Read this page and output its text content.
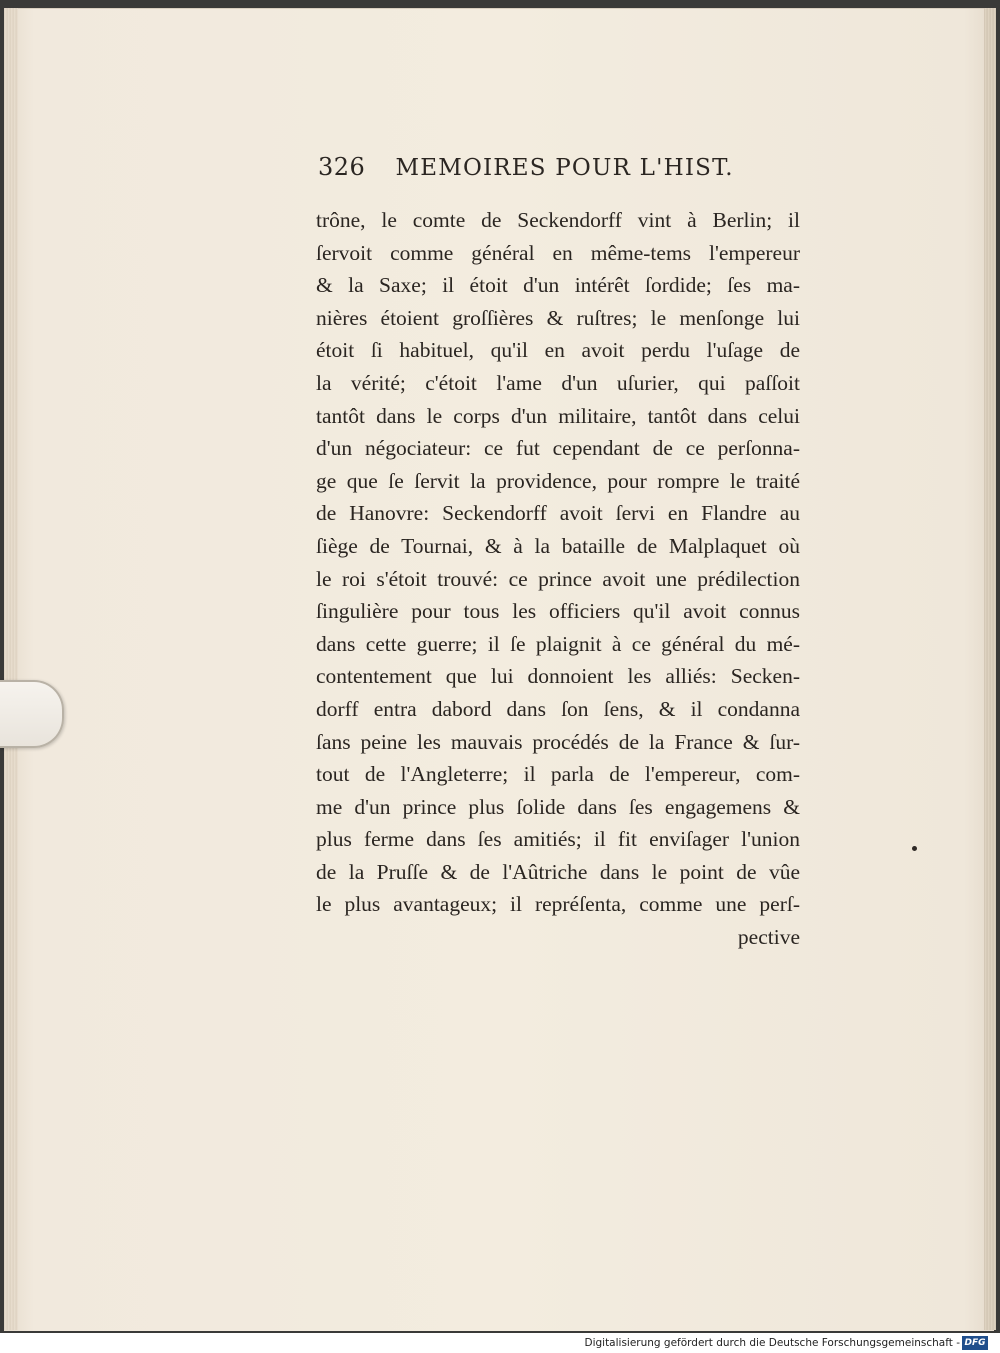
326 MEMOIRES POUR L'HIST.
trône, le comte de Seckendorff vint à Berlin; il
ſervoit comme général en même-tems l'empereur
& la Saxe; il étoit d'un intérêt ſordide; ſes ma-
nières étoient groſſières & ruſtres; le menſonge lui
étoit ſi habituel, qu'il en avoit perdu l'uſage de
la vérité; c'étoit l'ame d'un uſurier, qui paſſoit
tantôt dans le corps d'un militaire, tantôt dans celui
d'un négociateur: ce fut cependant de ce perſonna-
ge que ſe ſervit la providence, pour rompre le traité
de Hanovre: Seckendorff avoit ſervi en Flandre au
ſiège de Tournai, & à la bataille de Malplaquet où
le roi s'étoit trouvé: ce prince avoit une prédilection
ſingulière pour tous les officiers qu'il avoit connus
dans cette guerre; il ſe plaignit à ce général du mé-
contentement que lui donnoient les alliés: Secken-
dorff entra dabord dans ſon ſens, & il condanna
ſans peine les mauvais procédés de la France & ſur-
tout de l'Angleterre; il parla de l'empereur, com-
me d'un prince plus ſolide dans ſes engagemens &
plus ferme dans ſes amitiés; il fit enviſager l'union
de la Pruſſe & de l'Aûtriche dans le point de vûe
le plus avantageux; il repréſenta, comme une perſ-
pective
Digitalisierung gefördert durch die Deutsche Forschungsgemeinschaft - DFG
